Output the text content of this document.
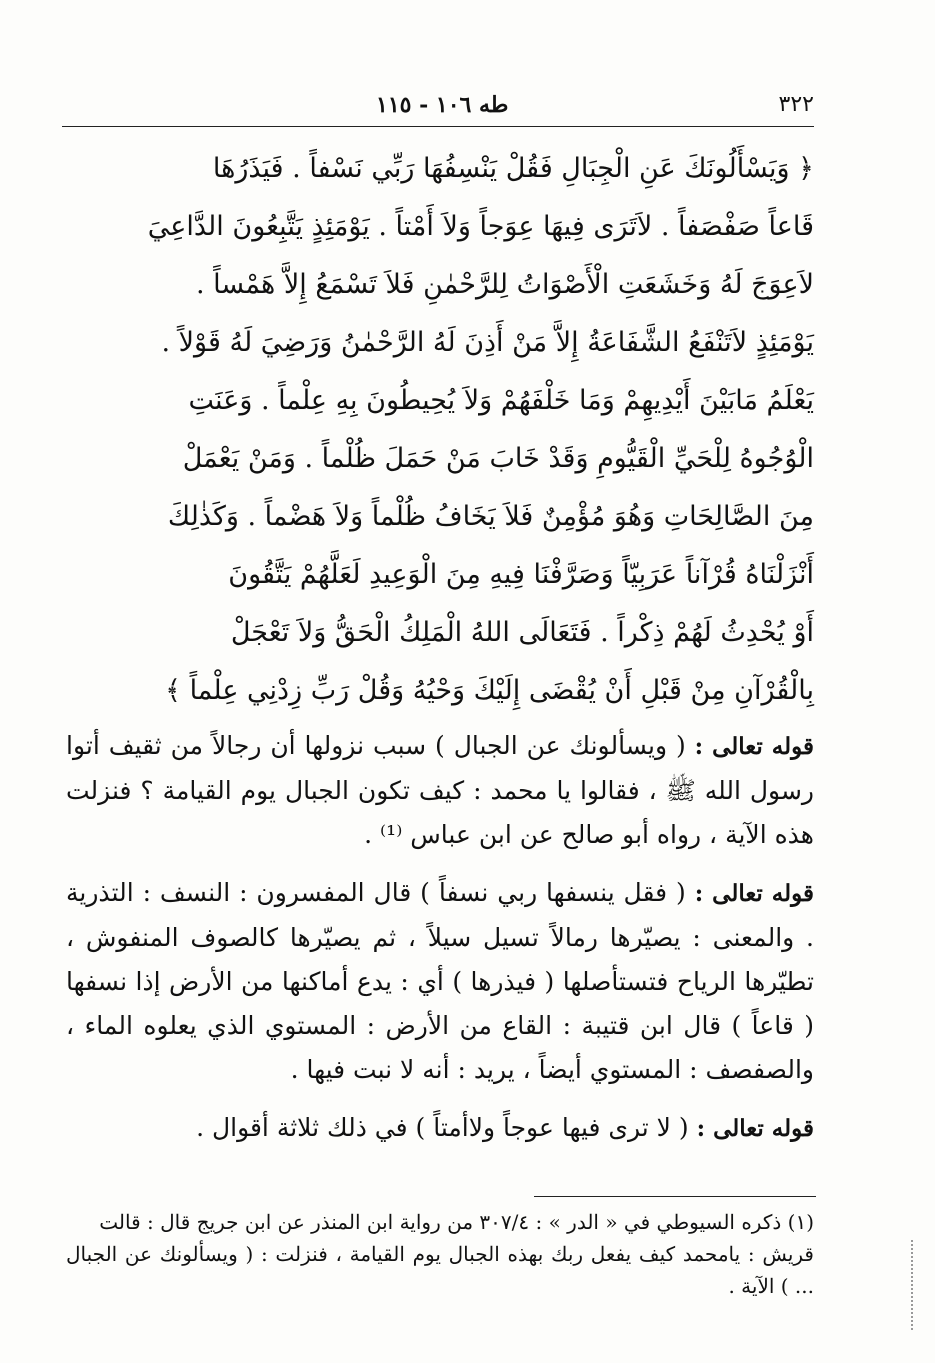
٣٢٢
طه ١٠٦ - ١١٥
﴿ وَيَسْأَلُونَكَ عَنِ الْجِبَالِ فَقُلْ يَنْسِفُهَا رَبِّي نَسْفاً . فَيَذَرُهَا
قَاعاً صَفْصَفاً . لاَتَرَى فِيهَا عِوَجاً وَلاَ أَمْتاً . يَوْمَئِذٍ يَتَّبِعُونَ الدَّاعِيَ
لاَعِوَجَ لَهُ وَخَشَعَتِ الْأَصْوَاتُ لِلرَّحْمٰنِ فَلاَ تَسْمَعُ إِلاَّ هَمْساً .
يَوْمَئِذٍ لاَتَنْفَعُ الشَّفَاعَةُ إِلاَّ مَنْ أَذِنَ لَهُ الرَّحْمٰنُ وَرَضِيَ لَهُ قَوْلاً .
يَعْلَمُ مَابَيْنَ أَيْدِيهِمْ وَمَا خَلْفَهُمْ وَلاَ يُحِيطُونَ بِهِ عِلْماً . وَعَنَتِ
الْوُجُوهُ لِلْحَيِّ الْقَيُّومِ وَقَدْ خَابَ مَنْ حَمَلَ ظُلْماً . وَمَنْ يَعْمَلْ
مِنَ الصَّالِحَاتِ وَهُوَ مُؤْمِنٌ فَلاَ يَخَافُ ظُلْماً وَلاَ هَضْماً . وَكَذٰلِكَ
أَنْزَلْنَاهُ قُرْآناً عَرَبِيّاً وَصَرَّفْنَا فِيهِ مِنَ الْوَعِيدِ لَعَلَّهُمْ يَتَّقُونَ
أَوْ يُحْدِثُ لَهُمْ ذِكْراً . فَتَعَالَى اللهُ الْمَلِكُ الْحَقُّ وَلاَ تَعْجَلْ
بِالْقُرْآنِ مِنْ قَبْلِ أَنْ يُقْضَى إِلَيْكَ وَحْيُهُ وَقُلْ رَبِّ زِدْنِي عِلْماً ﴾

قوله تعالى : ( ويسألونك عن الجبال ) سبب نزولها أن رجالاً من ثقيف أتوا رسول الله ﷺ ، فقالوا يا محمد : كيف تكون الجبال يوم القيامة ؟ فنزلت هذه الآية ، رواه أبو صالح عن ابن عباس ⁽¹⁾ .

قوله تعالى : ( فقل ينسفها ربي نسفاً ) قال المفسرون : النسف : التذرية . والمعنى : يصيّرها رمالاً تسيل سيلاً ، ثم يصيّرها كالصوف المنفوش ، تطيّرها الرياح فتستأصلها ( فيذرها ) أي : يدع أماكنها من الأرض إذا نسفها ( قاعاً ) قال ابن قتيبة : القاع من الأرض : المستوي الذي يعلوه الماء ، والصفصف : المستوي أيضاً ، يريد : أنه لا نبت فيها .

قوله تعالى : ( لا ترى فيها عوجاً ولاأمتاً ) في ذلك ثلاثة أقوال .

(١) ذكره السيوطي في « الدر » : ٣٠٧/٤ من رواية ابن المنذر عن ابن جريج قال : قالت

قريش : يامحمد كيف يفعل ربك بهذه الجبال يوم القيامة ، فنزلت : ( ويسألونك عن الجبال ... ) الآية .
